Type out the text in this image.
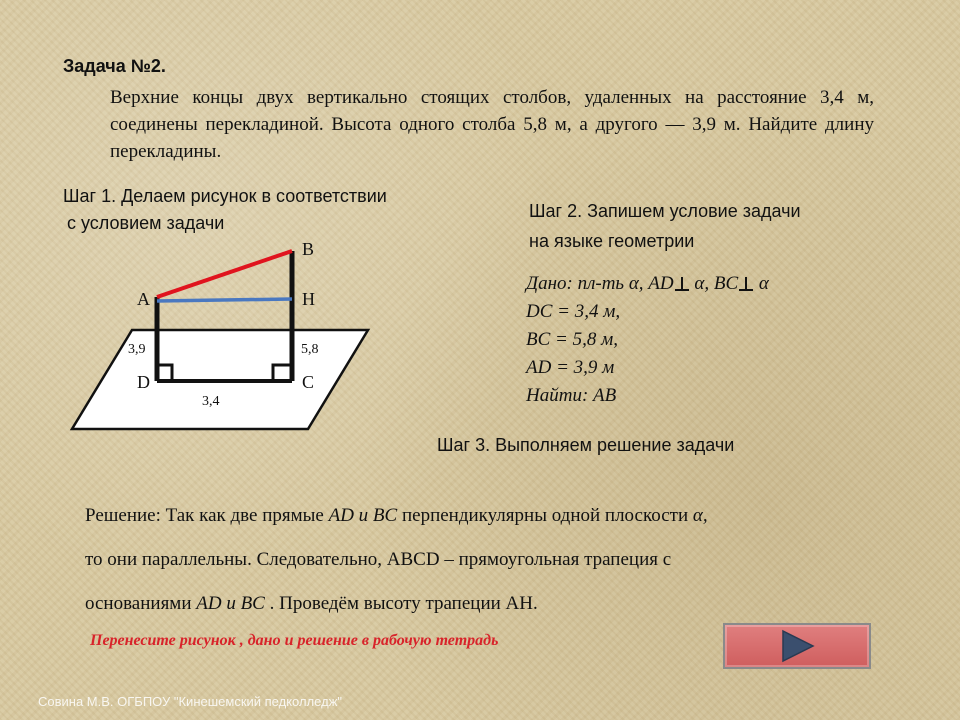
Задача №2.
Верхние концы двух вертикально стоящих столбов, удаленных на расстояние 3,4 м, соединены перекладиной. Высота одного столба 5,8 м, а другого — 3,9 м. Найдите длину перекладины.
Шаг 1. Делаем рисунок в соответствии
с условием задачи
B
A	H
D	C
3,9	5,8
3,4
Шаг 2. Запишем условие задачи
на языке геометрии
Дано: пл-ть α, AD α, BC α
DC = 3,4 м,
BC = 5,8 м,
AD = 3,9 м
Найти: AB
Шаг 3. Выполняем решение задачи
Решение: Так как две прямые AD и BC перпендикулярны одной плоскости α,
то они параллельны. Следовательно, ABCD – прямоугольная трапеция с
основаниями AD и BC . Проведём высоту трапеции АН.
Перенесите рисунок , дано и решение в рабочую тетрадь
Совина М.В. ОГБПОУ "Кинешемский педколледж"
